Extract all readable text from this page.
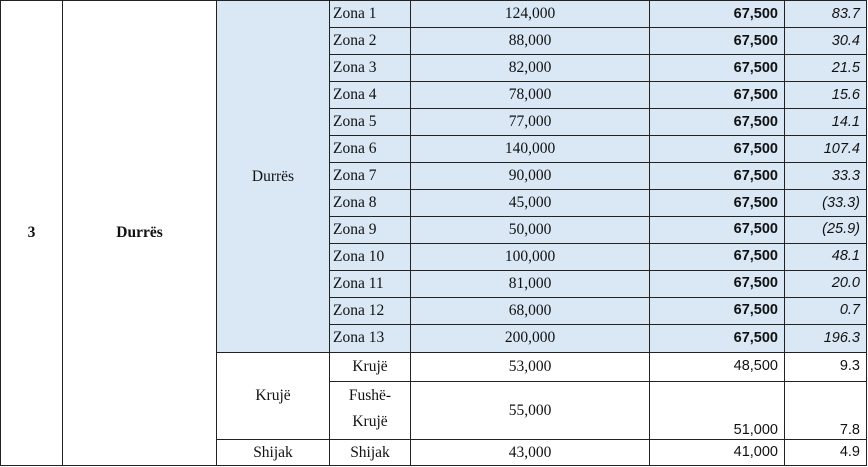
3	Durrës	Durrës	Zona 1	124,000	67,500	83.7
			Zona 2	88,000	67,500	30.4
			Zona 3	82,000	67,500	21.5
			Zona 4	78,000	67,500	15.6
			Zona 5	77,000	67,500	14.1
			Zona 6	140,000	67,500	107.4
			Zona 7	90,000	67,500	33.3
			Zona 8	45,000	67,500	(33.3)
			Zona 9	50,000	67,500	(25.9)
			Zona 10	100,000	67,500	48.1
			Zona 11	81,000	67,500	20.0
			Zona 12	68,000	67,500	0.7
			Zona 13	200,000	67,500	196.3
		Krujë	Krujë	53,000	48,500	9.3
			Fushë-Krujë	55,000	51,000	7.8
		Shijak	Shijak	43,000	41,000	4.9
